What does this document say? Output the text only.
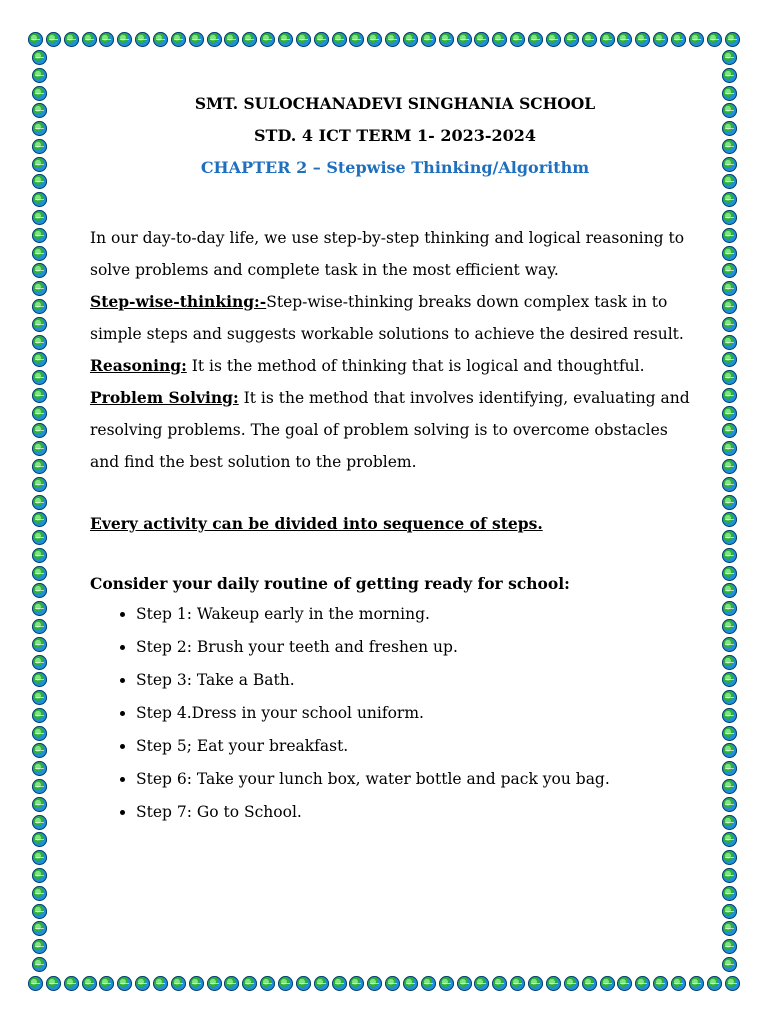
SMT. SULOCHANADEVI SINGHANIA SCHOOL

STD. 4 ICT TERM 1- 2023-2024

CHAPTER 2 – Stepwise Thinking/Algorithm

In our day-to-day life, we use step-by-step thinking and logical reasoning to solve problems and complete task in the most efficient way.

Step-wise-thinking:-Step-wise-thinking breaks down complex task in to simple steps and suggests workable solutions to achieve the desired result.

Reasoning: It is the method of thinking that is logical and thoughtful.

Problem Solving: It is the method that involves identifying, evaluating and resolving problems. The goal of problem solving is to overcome obstacles and find the best solution to the problem.

Every activity can be divided into sequence of steps.

Consider your daily routine of getting ready for school:

• Step 1: Wakeup early in the morning.
• Step 2: Brush your teeth and freshen up.
• Step 3: Take a Bath.
• Step 4.Dress in your school uniform.
• Step 5; Eat your breakfast.
• Step 6: Take your lunch box, water bottle and pack you bag.
• Step 7: Go to School.
